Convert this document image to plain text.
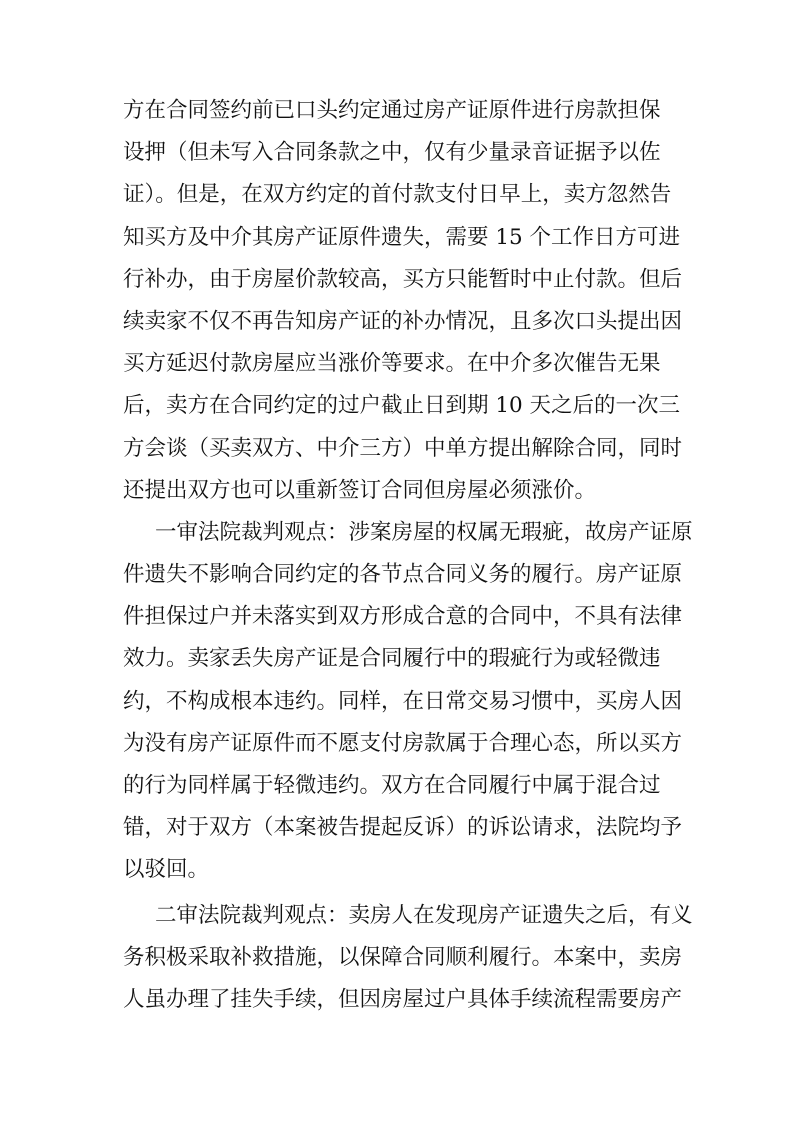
方在合同签约前已口头约定通过房产证原件进行房款担保
设押（但未写入合同条款之中，仅有少量录音证据予以佐
证）。但是，在双方约定的首付款支付日早上，卖方忽然告
知买方及中介其房产证原件遗失，需要 15 个工作日方可进
行补办，由于房屋价款较高，买方只能暂时中止付款。但后
续卖家不仅不再告知房产证的补办情况，且多次口头提出因
买方延迟付款房屋应当涨价等要求。在中介多次催告无果
后，卖方在合同约定的过户截止日到期 10 天之后的一次三
方会谈（买卖双方、中介三方）中单方提出解除合同，同时
还提出双方也可以重新签订合同但房屋必须涨价。
一审法院裁判观点：涉案房屋的权属无瑕疵，故房产证原
件遗失不影响合同约定的各节点合同义务的履行。房产证原
件担保过户并未落实到双方形成合意的合同中，不具有法律
效力。卖家丢失房产证是合同履行中的瑕疵行为或轻微违
约，不构成根本违约。同样，在日常交易习惯中，买房人因
为没有房产证原件而不愿支付房款属于合理心态，所以买方
的行为同样属于轻微违约。双方在合同履行中属于混合过
错，对于双方（本案被告提起反诉）的诉讼请求，法院均予
以驳回。
二审法院裁判观点：卖房人在发现房产证遗失之后，有义
务积极采取补救措施，以保障合同顺利履行。本案中，卖房
人虽办理了挂失手续，但因房屋过户具体手续流程需要房产
